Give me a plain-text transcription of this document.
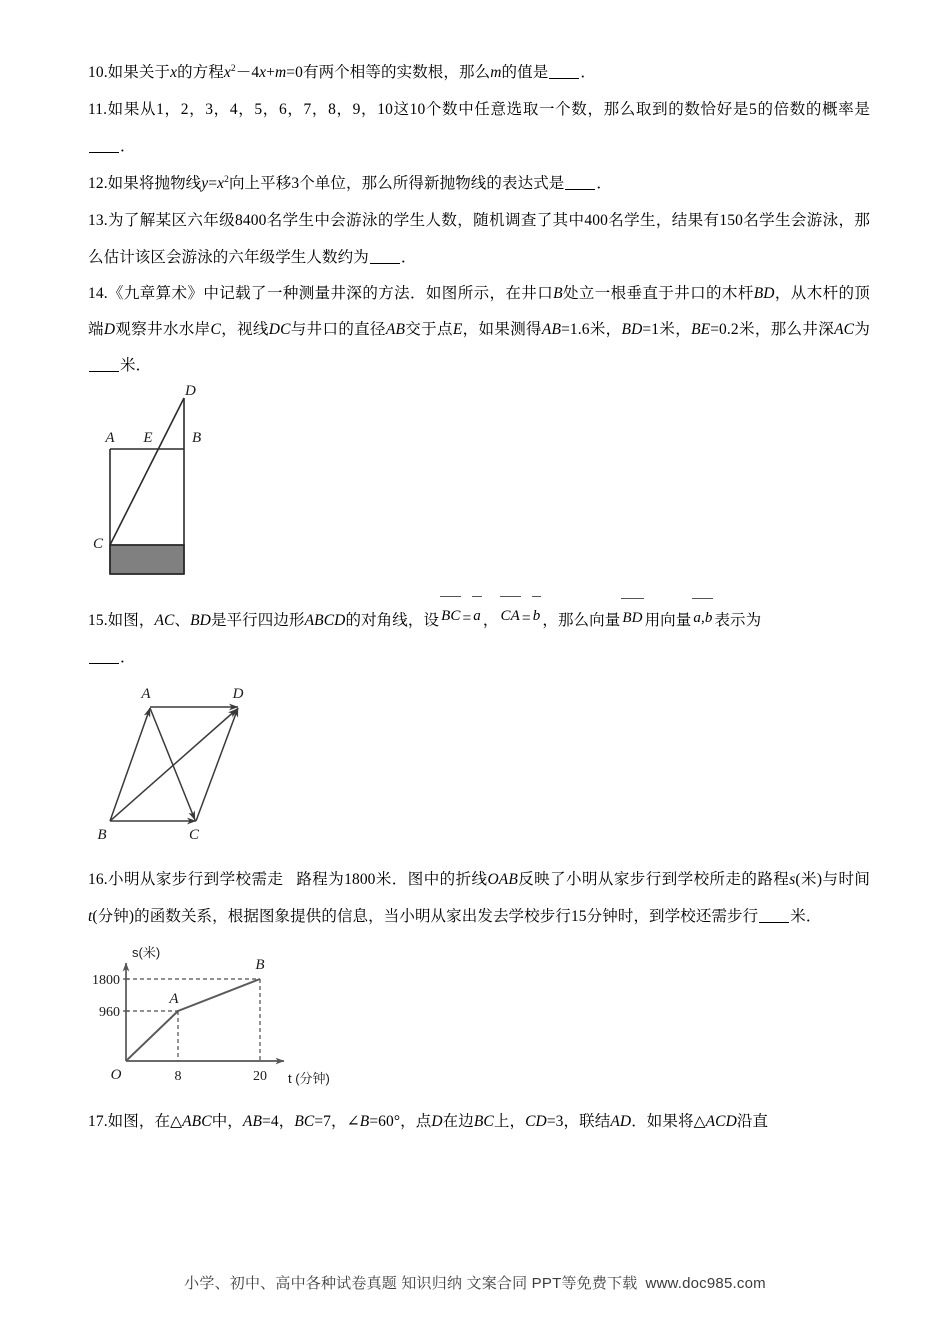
10.如果关于x的方程$x^2-4x+m=0$有两个相等的实数根，那么m的值是 ．

11.如果从1，2，3，4，5，6，7，8，9，10这10个数中任意选取一个数，那么取到的数恰好是5的倍数的概率是．

12.如果将抛物线$y=x^2$向上平移3个单位，那么所得新抛物线的表达式是 ．

13.为了解某区六年级8400名学生中会游泳的学生人数，随机调查了其中400名学生，结果有150名学生会游泳，那么估计该区会游泳的六年级学生人数约为 ．

14.《九章算术》中记载了一种测量井深的方法．如图所示，在井口B处立一根垂直于井口的木杆BD，从木杆的顶端D观察井水水岸C，视线DC与井口的直径AB交于点E，如果测得AB=1.6米，BD=1米，BE=0.2米，那么井深AC为米．

A E	B
D
C

15.如图，AC、BD是平行四边形ABCD的对角线，设 BC = a ， CA = b ，那么向量 BD 用向量 a,b 表示为
．

A	D
B	C

16.小明从家步行到学校需走 路程为1800米．图中的折线OAB反映了小明从家步行到学校所走的路程s(米)与时间t(分钟)的函数关系，根据图象提供的信息，当小明从家出发去学校步行15分钟时，到学校还需步行 米．

1800
960
8	20
O
A
B
s(米)
t (分钟)

17.如图，在△ABC中，AB=4，BC=7，∠B=60°，点D在边BC上，CD=3，联结AD．如果将△ACD沿直

小学、初中、高中各种试卷真题 知识归纳 文案合同 PPT等免费下载 www.doc985.com
